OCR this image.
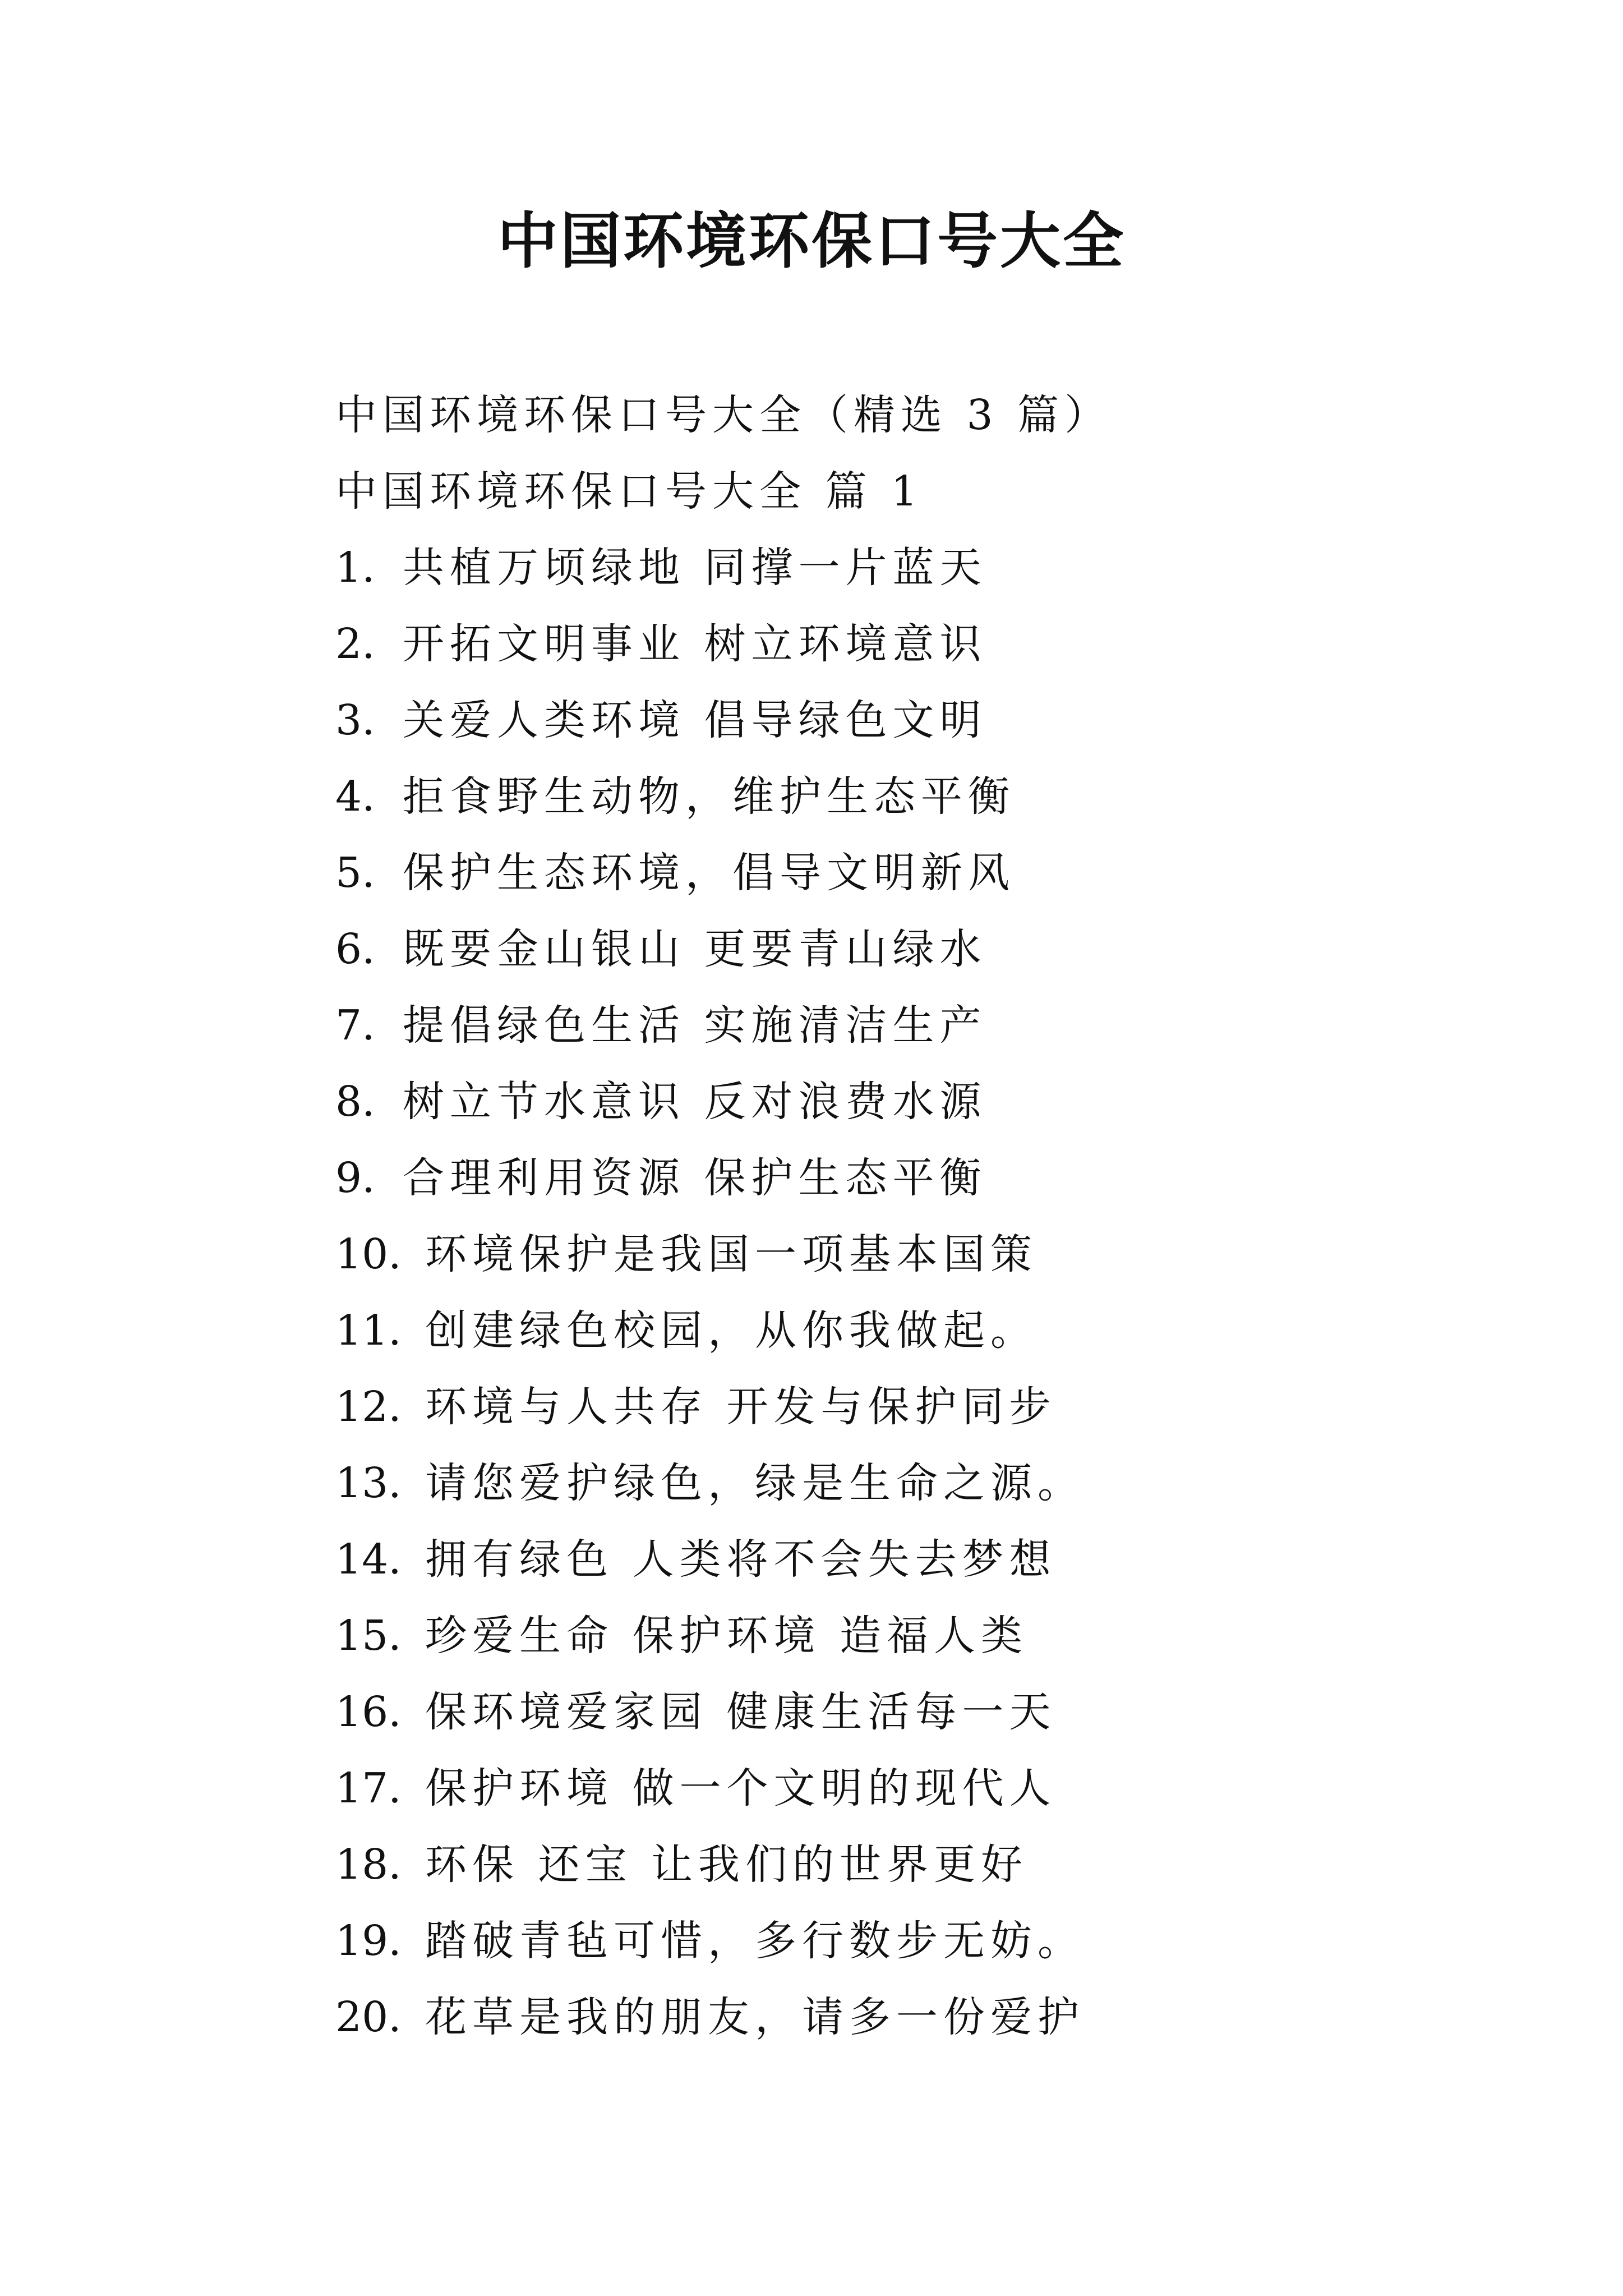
中国环境环保口号大全
中国环境环保口号大全（精选 3 篇）
中国环境环保口号大全 篇 1
1. 共植万顷绿地 同撑一片蓝天
2. 开拓文明事业 树立环境意识
3. 关爱人类环境 倡导绿色文明
4. 拒食野生动物，维护生态平衡
5. 保护生态环境，倡导文明新风
6. 既要金山银山 更要青山绿水
7. 提倡绿色生活 实施清洁生产
8. 树立节水意识 反对浪费水源
9. 合理利用资源 保护生态平衡
10. 环境保护是我国一项基本国策
11. 创建绿色校园，从你我做起。
12. 环境与人共存 开发与保护同步
13. 请您爱护绿色，绿是生命之源。
14. 拥有绿色 人类将不会失去梦想
15. 珍爱生命 保护环境 造福人类
16. 保环境爱家园 健康生活每一天
17. 保护环境 做一个文明的现代人
18. 环保 还宝 让我们的世界更好
19. 踏破青毡可惜，多行数步无妨。
20. 花草是我的朋友，请多一份爱护
